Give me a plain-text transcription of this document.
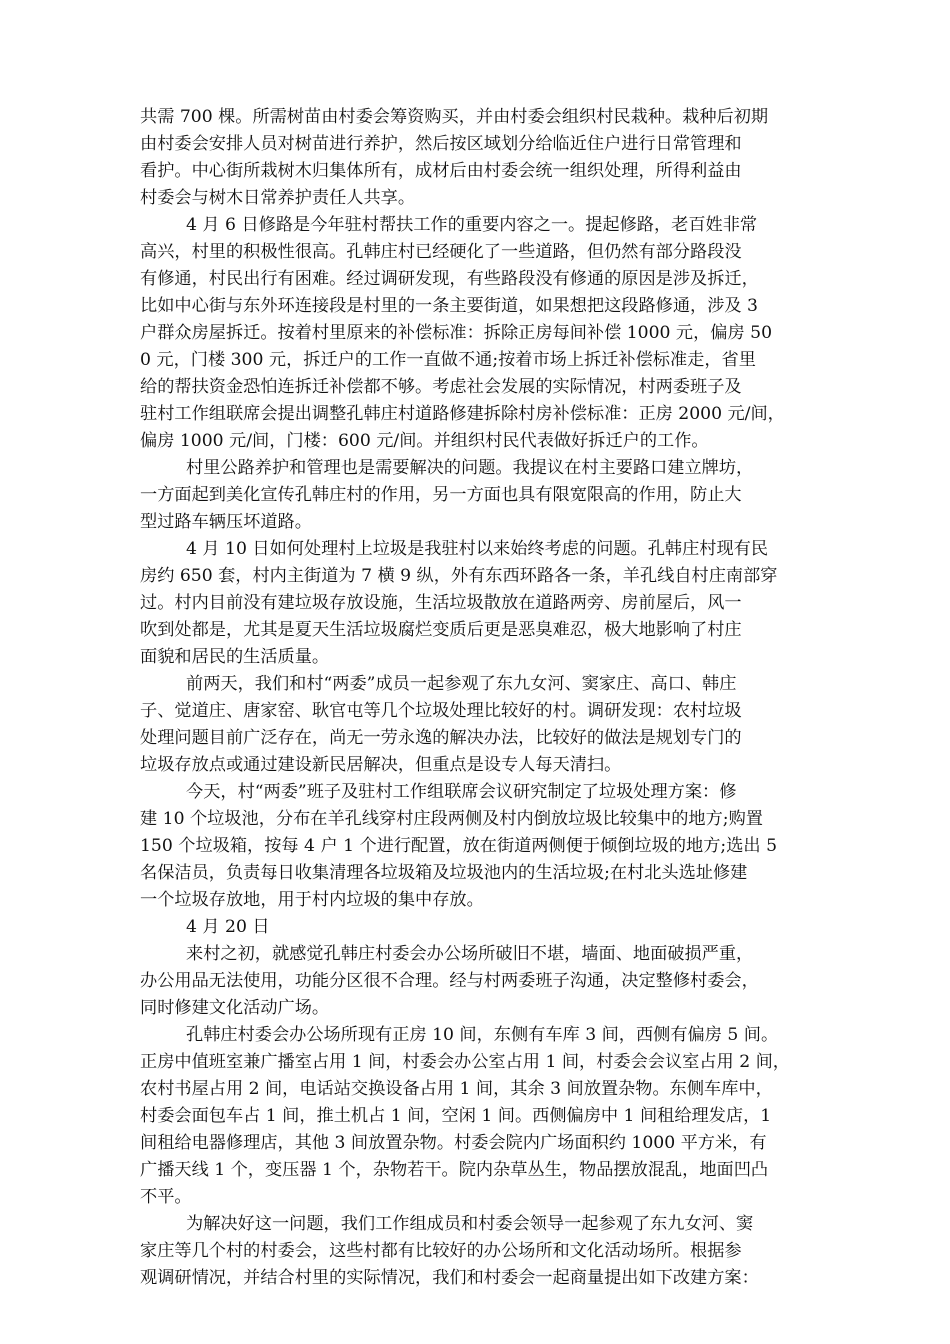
共需 700 棵。所需树苗由村委会筹资购买，并由村委会组织村民栽种。栽种后初期
由村委会安排人员对树苗进行养护，然后按区域划分给临近住户进行日常管理和
看护。中心街所栽树木归集体所有，成材后由村委会统一组织处理，所得利益由
村委会与树木日常养护责任人共享。
4 月 6 日修路是今年驻村帮扶工作的重要内容之一。提起修路，老百姓非常
高兴，村里的积极性很高。孔韩庄村已经硬化了一些道路，但仍然有部分路段没
有修通，村民出行有困难。经过调研发现，有些路段没有修通的原因是涉及拆迁，
比如中心街与东外环连接段是村里的一条主要街道，如果想把这段路修通，涉及 3
户群众房屋拆迁。按着村里原来的补偿标准：拆除正房每间补偿 1000 元，偏房 50
0 元，门楼 300 元，拆迁户的工作一直做不通;按着市场上拆迁补偿标准走，省里
给的帮扶资金恐怕连拆迁补偿都不够。考虑社会发展的实际情况，村两委班子及
驻村工作组联席会提出调整孔韩庄村道路修建拆除村房补偿标准：正房 2000 元/间，
偏房 1000 元/间，门楼：600 元/间。并组织村民代表做好拆迁户的工作。
村里公路养护和管理也是需要解决的问题。我提议在村主要路口建立牌坊，
一方面起到美化宣传孔韩庄村的作用，另一方面也具有限宽限高的作用，防止大
型过路车辆压坏道路。
4 月 10 日如何处理村上垃圾是我驻村以来始终考虑的问题。孔韩庄村现有民
房约 650 套，村内主街道为 7 横 9 纵，外有东西环路各一条，羊孔线自村庄南部穿
过。村内目前没有建垃圾存放设施，生活垃圾散放在道路两旁、房前屋后，风一
吹到处都是，尤其是夏天生活垃圾腐烂变质后更是恶臭难忍，极大地影响了村庄
面貌和居民的生活质量。
前两天，我们和村“两委”成员一起参观了东九女河、窦家庄、高口、韩庄
子、觉道庄、唐家窑、耿官屯等几个垃圾处理比较好的村。调研发现：农村垃圾
处理问题目前广泛存在，尚无一劳永逸的解决办法，比较好的做法是规划专门的
垃圾存放点或通过建设新民居解决，但重点是设专人每天清扫。
今天，村“两委”班子及驻村工作组联席会议研究制定了垃圾处理方案：修
建 10 个垃圾池，分布在羊孔线穿村庄段两侧及村内倒放垃圾比较集中的地方;购置
150 个垃圾箱，按每 4 户 1 个进行配置，放在街道两侧便于倾倒垃圾的地方;选出 5
名保洁员，负责每日收集清理各垃圾箱及垃圾池内的生活垃圾;在村北头选址修建
一个垃圾存放地，用于村内垃圾的集中存放。
4 月 20 日
来村之初，就感觉孔韩庄村委会办公场所破旧不堪，墙面、地面破损严重，
办公用品无法使用，功能分区很不合理。经与村两委班子沟通，决定整修村委会，
同时修建文化活动广场。
孔韩庄村委会办公场所现有正房 10 间，东侧有车库 3 间，西侧有偏房 5 间。
正房中值班室兼广播室占用 1 间，村委会办公室占用 1 间，村委会会议室占用 2 间，
农村书屋占用 2 间，电话站交换设备占用 1 间，其余 3 间放置杂物。东侧车库中，
村委会面包车占 1 间，推土机占 1 间，空闲 1 间。西侧偏房中 1 间租给理发店，1
间租给电器修理店，其他 3 间放置杂物。村委会院内广场面积约 1000 平方米，有
广播天线 1 个，变压器 1 个，杂物若干。院内杂草丛生，物品摆放混乱，地面凹凸
不平。
为解决好这一问题，我们工作组成员和村委会领导一起参观了东九女河、窦
家庄等几个村的村委会，这些村都有比较好的办公场所和文化活动场所。根据参
观调研情况，并结合村里的实际情况，我们和村委会一起商量提出如下改建方案：
